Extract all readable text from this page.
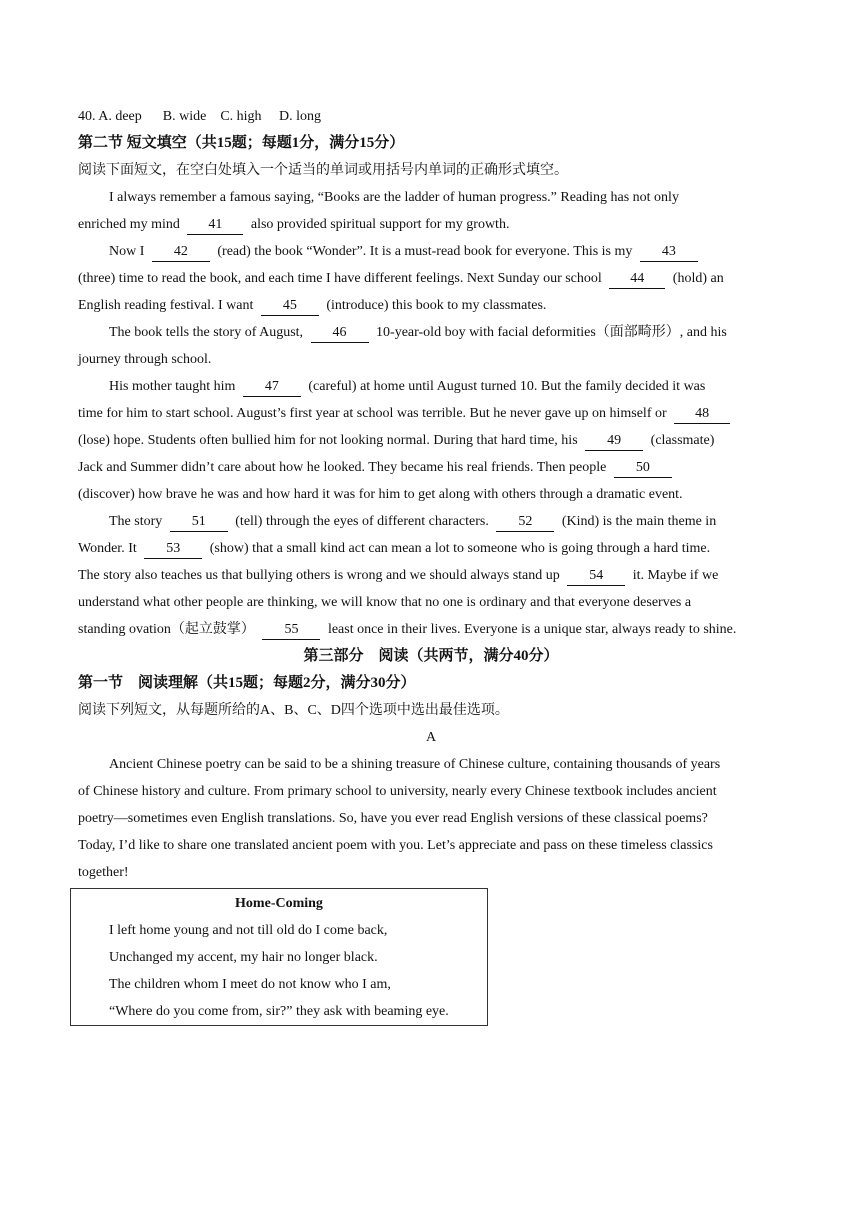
40. A. deep      B. wide    C. high     D. long
第二节 短文填空（共15题；每题1分，满分15分）
阅读下面短文，在空白处填入一个适当的单词或用括号内单词的正确形式填空。
I always remember a famous saying, “Books are the ladder of human progress.” Reading has not only
enriched my mind 41 also provided spiritual support for my growth.
Now I 42 (read) the book “Wonder”. It is a must-read book for everyone. This is my 43
(three) time to read the book, and each time I have different feelings. Next Sunday our school 44 (hold) an
English reading festival. I want 45 (introduce) this book to my classmates.
The book tells the story of August, 46 10-year-old boy with facial deformities（面部畸形）, and his
journey through school.
His mother taught him 47 (careful) at home until August turned 10. But the family decided it was
time for him to start school. August’s first year at school was terrible. But he never gave up on himself or 48
(lose) hope. Students often bullied him for not looking normal. During that hard time, his 49 (classmate)
Jack and Summer didn’t care about how he looked. They became his real friends. Then people 50
(discover) how brave he was and how hard it was for him to get along with others through a dramatic event.
The story 51 (tell) through the eyes of different characters. 52 (Kind) is the main theme in
Wonder. It 53 (show) that a small kind act can mean a lot to someone who is going through a hard time.
The story also teaches us that bullying others is wrong and we should always stand up 54 it. Maybe if we
understand what other people are thinking, we will know that no one is ordinary and that everyone deserves a
standing ovation（起立鼓掌） 55 least once in their lives. Everyone is a unique star, always ready to shine.
第三部分    阅读（共两节，满分40分）
第一节    阅读理解（共15题；每题2分，满分30分）
阅读下列短文，从每题所给的A、B、C、D四个选项中选出最佳选项。
A
Ancient Chinese poetry can be said to be a shining treasure of Chinese culture, containing thousands of years
of Chinese history and culture. From primary school to university, nearly every Chinese textbook includes ancient
poetry—sometimes even English translations. So, have you ever read English versions of these classical poems?
Today, I’d like to share one translated ancient poem with you. Let’s appreciate and pass on these timeless classics
together!
Home-Coming
I left home young and not till old do I come back,
Unchanged my accent, my hair no longer black.
The children whom I meet do not know who I am,
“Where do you come from, sir?” they ask with beaming eye.
